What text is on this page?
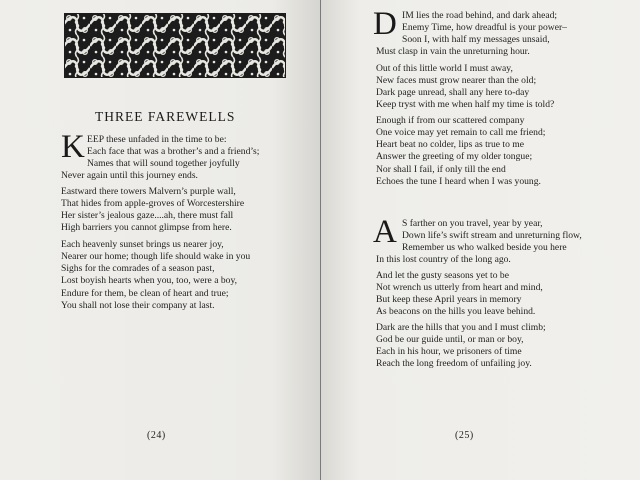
THREE FAREWELLS
K EEP these unfaded in the time to be:
Each face that was a brother’s and a friend’s;
Names that will sound together joyfully
Never again until this journey ends.
Eastward there towers Malvern’s purple wall,
That hides from apple-groves of Worcestershire
Her sister’s jealous gaze....ah, there must fall
High barriers you cannot glimpse from here.
Each heavenly sunset brings us nearer joy,
Nearer our home; though life should wake in you
Sighs for the comrades of a season past,
Lost boyish hearts when you, too, were a boy,
Endure for them, be clean of heart and true;
You shall not lose their company at last.
(24)
D IM lies the road behind, and dark ahead;
Enemy Time, how dreadful is your power–
Soon I, with half my messages unsaid,
Must clasp in vain the unreturning hour.
Out of this little world I must away,
New faces must grow nearer than the old;
Dark page unread, shall any here to-day
Keep tryst with me when half my time is told?
Enough if from our scattered company
One voice may yet remain to call me friend;
Heart beat no colder, lips as true to me
Answer the greeting of my older tongue;
Nor shall I fail, if only till the end
Echoes the tune I heard when I was young.
A S farther on you travel, year by year,
Down life’s swift stream and unreturning flow,
Remember us who walked beside you here
In this lost country of the long ago.
And let the gusty seasons yet to be
Not wrench us utterly from heart and mind,
But keep these April years in memory
As beacons on the hills you leave behind.
Dark are the hills that you and I must climb;
God be our guide until, or man or boy,
Each in his hour, we prisoners of time
Reach the long freedom of unfailing joy.
(25)
